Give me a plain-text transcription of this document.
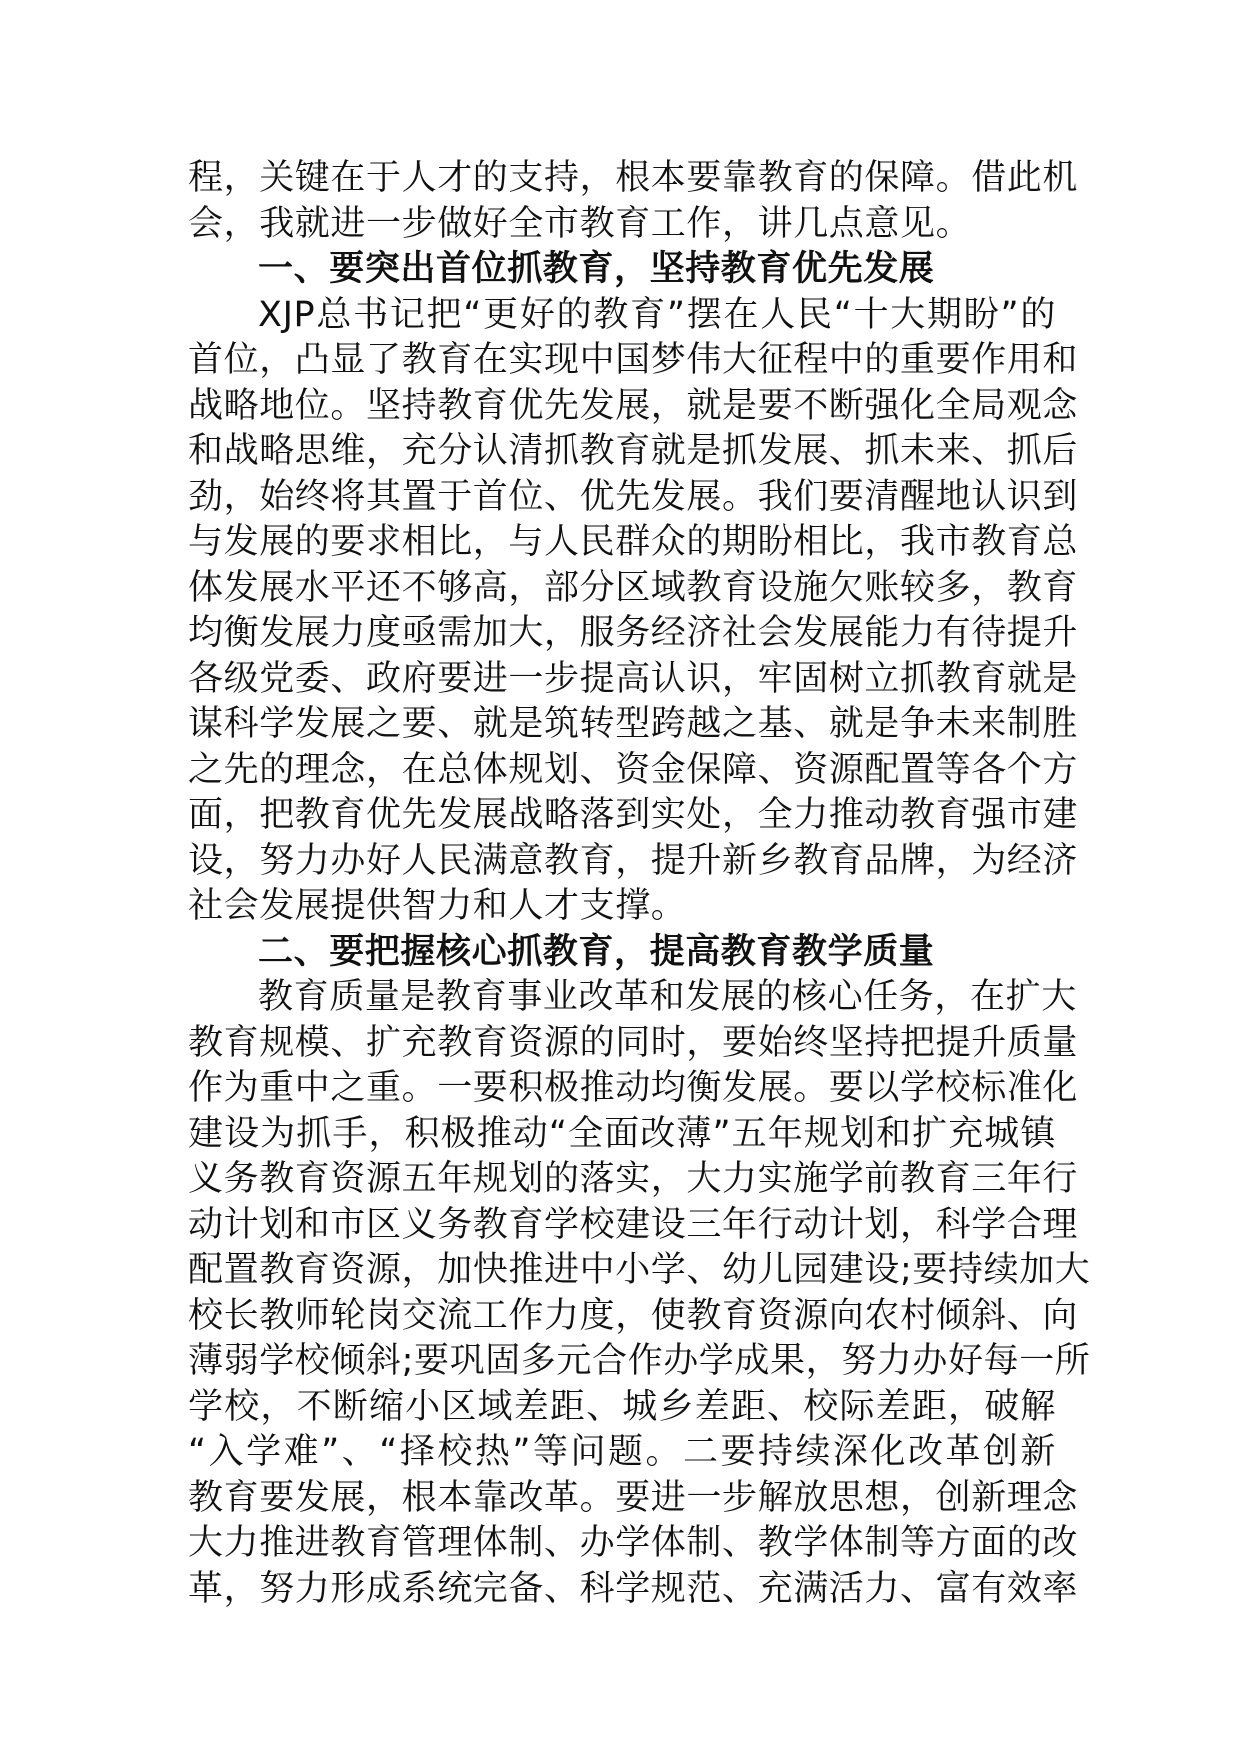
程，关键在于人才的支持，根本要靠教育的保障。借此机
会，我就进一步做好全市教育工作，讲几点意见。
一、要突出首位抓教育，坚持教育优先发展
XJP总书记把“更好的教育”摆在人民“十大期盼”的
首位，凸显了教育在实现中国梦伟大征程中的重要作用和
战略地位。坚持教育优先发展，就是要不断强化全局观念
和战略思维，充分认清抓教育就是抓发展、抓未来、抓后
劲，始终将其置于首位、优先发展。我们要清醒地认识到
与发展的要求相比，与人民群众的期盼相比，我市教育总
体发展水平还不够高，部分区域教育设施欠账较多，教育
均衡发展力度亟需加大，服务经济社会发展能力有待提升
各级党委、政府要进一步提高认识，牢固树立抓教育就是
谋科学发展之要、就是筑转型跨越之基、就是争未来制胜
之先的理念，在总体规划、资金保障、资源配置等各个方
面，把教育优先发展战略落到实处，全力推动教育强市建
设，努力办好人民满意教育，提升新乡教育品牌，为经济
社会发展提供智力和人才支撑。
二、要把握核心抓教育，提高教育教学质量
教育质量是教育事业改革和发展的核心任务，在扩大
教育规模、扩充教育资源的同时，要始终坚持把提升质量
作为重中之重。一要积极推动均衡发展。要以学校标准化
建设为抓手，积极推动“全面改薄”五年规划和扩充城镇
义务教育资源五年规划的落实，大力实施学前教育三年行
动计划和市区义务教育学校建设三年行动计划，科学合理
配置教育资源，加快推进中小学、幼儿园建设;要持续加大
校长教师轮岗交流工作力度，使教育资源向农村倾斜、向
薄弱学校倾斜;要巩固多元合作办学成果，努力办好每一所
学校，不断缩小区域差距、城乡差距、校际差距，破解
“入学难”、“择校热”等问题。二要持续深化改革创新
教育要发展，根本靠改革。要进一步解放思想，创新理念
大力推进教育管理体制、办学体制、教学体制等方面的改
革，努力形成系统完备、科学规范、充满活力、富有效率
